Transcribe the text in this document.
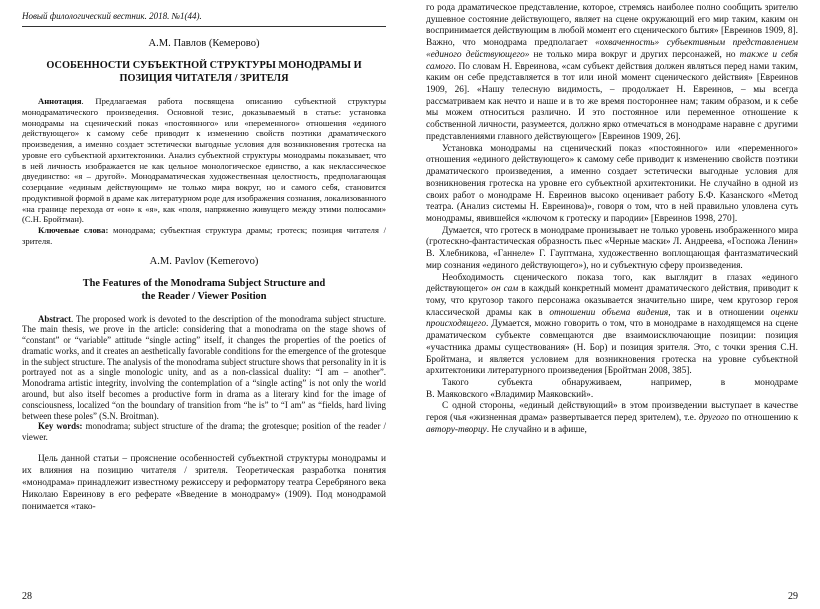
Новый филологический вестник. 2018. №1(44).
А.М. Павлов (Кемерово)
ОСОБЕННОСТИ СУБЪЕКТНОЙ СТРУКТУРЫ МОНОДРАМЫ И ПОЗИЦИЯ ЧИТАТЕЛЯ / ЗРИТЕЛЯ

Аннотация. Предлагаемая работа посвящена описанию субъектной структуры монодраматического произведения. Основной тезис, доказываемый в статье: установка монодрамы на сценический показ «постоянного» или «переменного» отношения «единого действующего» к самому себе приводит к изменению свойств поэтики драматического произведения, а именно создает эстетически выгодные условия для возникновения гротеска на уровне его субъектной архитектоники. Анализ субъектной структуры монодрамы показывает, что в ней личность изображается не как цельное монологическое единство, а как неклассическое двуединство: «я – другой». Монодраматическая художественная целостность, предполагающая созерцание «единым действующим» не только мира вокруг, но и самого себя, становится продуктивной формой в драме как литературном роде для изображения сознания, локализованного «на границе перехода от «он» к «я», как «поля, напряженно живущего между этими полюсами» (С.Н. Бройтман).

Ключевые слова: монодрама; субъектная структура драмы; гротеск; позиция читателя / зрителя.

A.M. Pavlov (Kemerovo)
The Features of the Monodrama Subject Structure and
the Reader / Viewer Position

Abstract. The proposed work is devoted to the description of the monodrama subject structure. The main thesis, we prove in the article: considering that a monodrama on the stage shows of “constant” or “variable” attitude “single acting” itself, it changes the properties of the poetics of dramatic works, and it creates an aesthetically favorable conditions for the emergence of the grotesque in the subject structure. The analysis of the monodrama subject structure shows that personality in it is portrayed not as a single monologic unity, and as a non-classical duality: “I am – another”. Monodrama artistic integrity, involving the contemplation of a “single acting” is not only the world around, but also itself becomes a productive form in drama as a literary kind for the image of consciousness, localized “on the boundary of transition from “he is” to “I am” as “fields, hard living between these poles” (S.N. Broitman).

Key words: monodrama; subject structure of the drama; the grotesque; position of the reader / viewer.

Цель данной статьи – прояснение особенностей субъектной структуры монодрамы и их влияния на позицию читателя / зрителя. Теоретическая разработка понятия «монодрама» принадлежит известному режиссеру и реформатору театра Серебряного века Николаю Евреинову в его реферате «Введение в монодраму» (1909). Под монодрамой понимается «тако-

28

го рода драматическое представление, которое, стремясь наиболее полно сообщить зрителю душевное состояние действующего, являет на сцене окружающий его мир таким, каким он воспринимается действующим в любой момент его сценического бытия» [Евреинов 1909, 8]. Важно, что монодрама предполагает «охваченность» субъективным представлением «единого действующего» не только мира вокруг и других персонажей, но также и себя самого. По словам Н. Евреинова, «сам субъект действия должен являться перед нами таким, каким он себе представляется в тот или иной момент сценического действия» [Евреинов 1909, 26]. «Нашу телесную видимость, – продолжает Н. Евреинов, – мы всегда рассматриваем как нечто и наше и в то же время постороннее нам; таким образом, и к себе мы можем относиться различно. И это постоянное или переменное отношение к собственной личности, разумеется, должно ярко отмечаться в монодраме наравне с другими представлениями главного действующего» [Евреинов 1909, 26].

Установка монодрамы на сценический показ «постоянного» или «переменного» отношения «единого действующего» к самому себе приводит к изменению свойств поэтики драматического произведения, а именно создает эстетически выгодные условия для возникновения гротеска на уровне его субъектной архитектоники. Не случайно в одной из своих работ о монодраме Н. Евреинов высоко оценивает работу Б.Ф. Казанского «Метод театра. (Анализ системы Н. Евреинова)», говоря о том, что в ней правильно уловлена суть монодрамы, явившейся «ключом к гротеску и пародии» [Евреинов 1998, 270].

Думается, что гротеск в монодраме пронизывает не только уровень изображенного мира (гротескно-фантастическая образность пьес «Черные маски» Л. Андреева, «Госпожа Ленин» В. Хлебникова, «Ганнеле» Г. Гауптмана, художественно воплощающая фантазматический мир сознания «единого действующего»), но и субъектную сферу произведения.

Необходимость сценического показа того, как выглядит в глазах «единого действующего» он сам в каждый конкретный момент драматического действия, приводит к тому, что кругозор такого персонажа оказывается значительно шире, чем кругозор героя классической драмы как в отношении объема видения, так и в отношении оценки происходящего. Думается, можно говорить о том, что в монодраме в находящемся на сцене драматическом субъекте совмещаются две взаимоисключающие позиции: позиция «участника драмы существования» (Н. Бор) и позиция зрителя. Это, с точки зрения С.Н. Бройтмана, и является условием для возникновения гротеска на уровне субъектной архитектоники литературного произведения [Бройтман 2008, 385].

Такого субъекта обнаруживаем, например, в монодраме

В. Маяковского «Владимир Маяковский».

С одной стороны, «единый действующий» в этом произведении выступает в качестве героя (чья «жизненная драма» развертывается перед зрителем), т.е. другого по отношению к автору-творцу. Не случайно и в афише,

29
